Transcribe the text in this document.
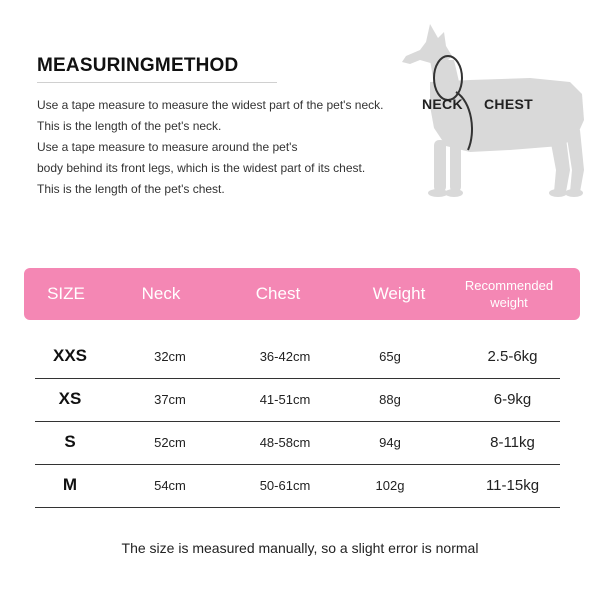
MEASURINGMETHOD
Use a tape measure to measure the widest part of the pet's neck.
This is the length of the pet's neck.
Use a tape measure to measure around the pet's
body behind its front legs, which is the widest part of its chest.
This is the length of the pet's chest.
NECK CHEST
SIZE	Neck	Chest	Weight	Recommended
weight
XXS	32cm	36-42cm	65g	2.5-6kg
XS	37cm	41-51cm	88g	6-9kg
S	52cm	48-58cm	94g	8-11kg
M	54cm	50-61cm	102g	11-15kg
The size is measured manually, so a slight error is normal
